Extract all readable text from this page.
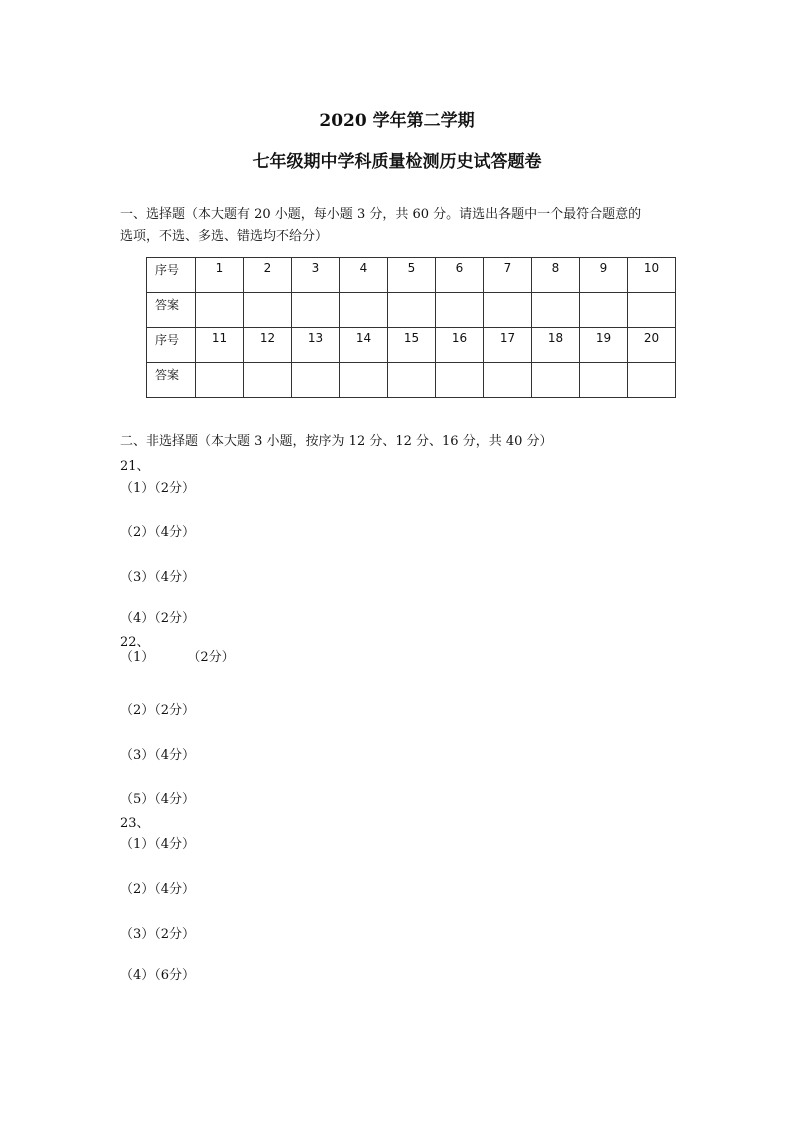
2020 学年第二学期
七年级期中学科质量检测历史试答题卷
一、选择题（本大题有 20 小题，每小题 3 分，共 60 分。请选出各题中一个最符合题意的
选项，不选、多选、错选均不给分）
序号	1	2	3	4	5	6	7	8	9	10
答案										
序号	11	12	13	14	15	16	17	18	19	20
答案										
二、非选择题（本大题 3 小题，按序为 12 分、12 分、16 分，共 40 分）
21、
（1）（2分）
（2）（4分）
（3）（4分）
（4）（2分）
22、
（1）        （2分）
（2）（2分）
（3）（4分）
（5）（4分）
23、
（1）（4分）
（2）（4分）
（3）（2分）
（4）（6分）
